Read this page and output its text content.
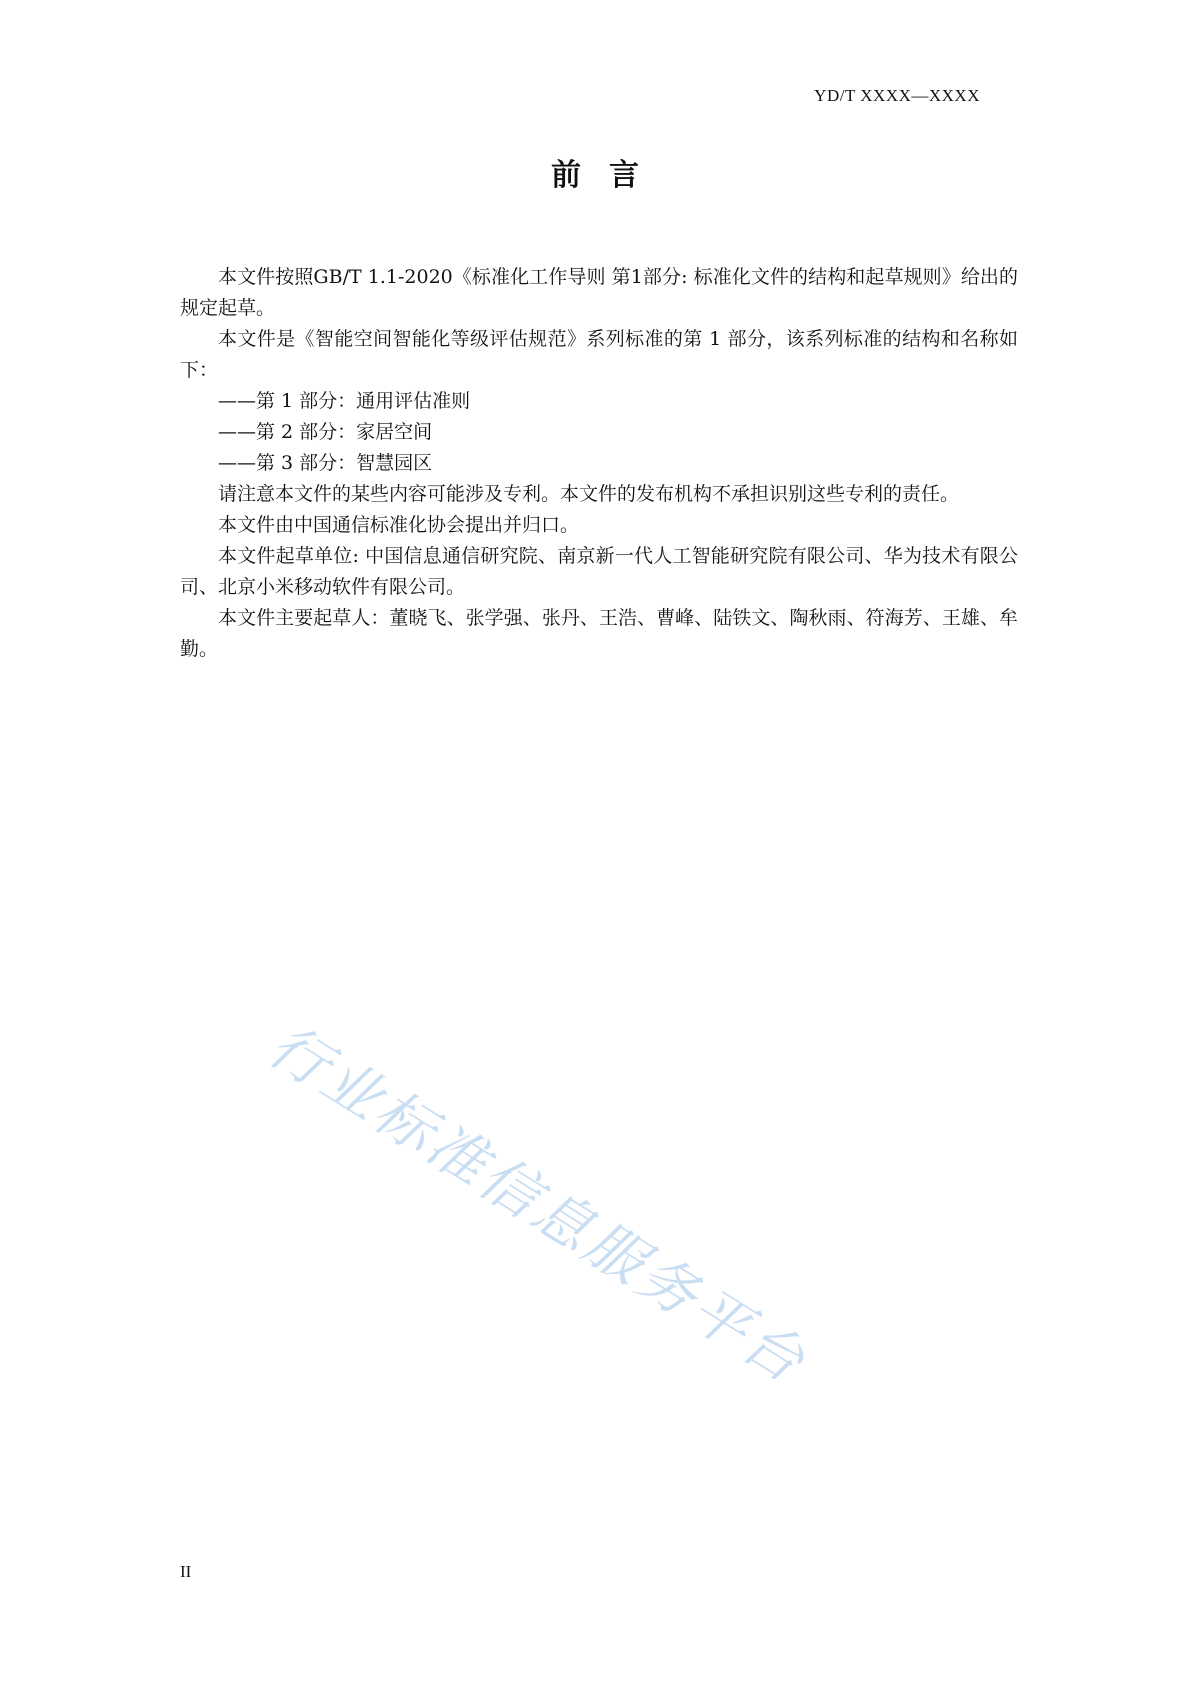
YD/T XXXX—XXXX
前言

本文件按照GB/T 1.1-2020《标准化工作导则 第1部分: 标准化文件的结构和起草规则》给出的规定起草。

本文件是《智能空间智能化等级评估规范》系列标准的第 1 部分，该系列标准的结构和名称如下：

——第 1 部分：通用评估准则

——第 2 部分：家居空间

——第 3 部分：智慧园区

请注意本文件的某些内容可能涉及专利。本文件的发布机构不承担识别这些专利的责任。

本文件由中国通信标准化协会提出并归口。

本文件起草单位: 中国信息通信研究院、南京新一代人工智能研究院有限公司、华为技术有限公司、北京小米移动软件有限公司。

本文件主要起草人：董晓飞、张学强、张丹、王浩、曹峰、陆铁文、陶秋雨、符海芳、王雄、牟勤。

行业标准信息服务平台
II
